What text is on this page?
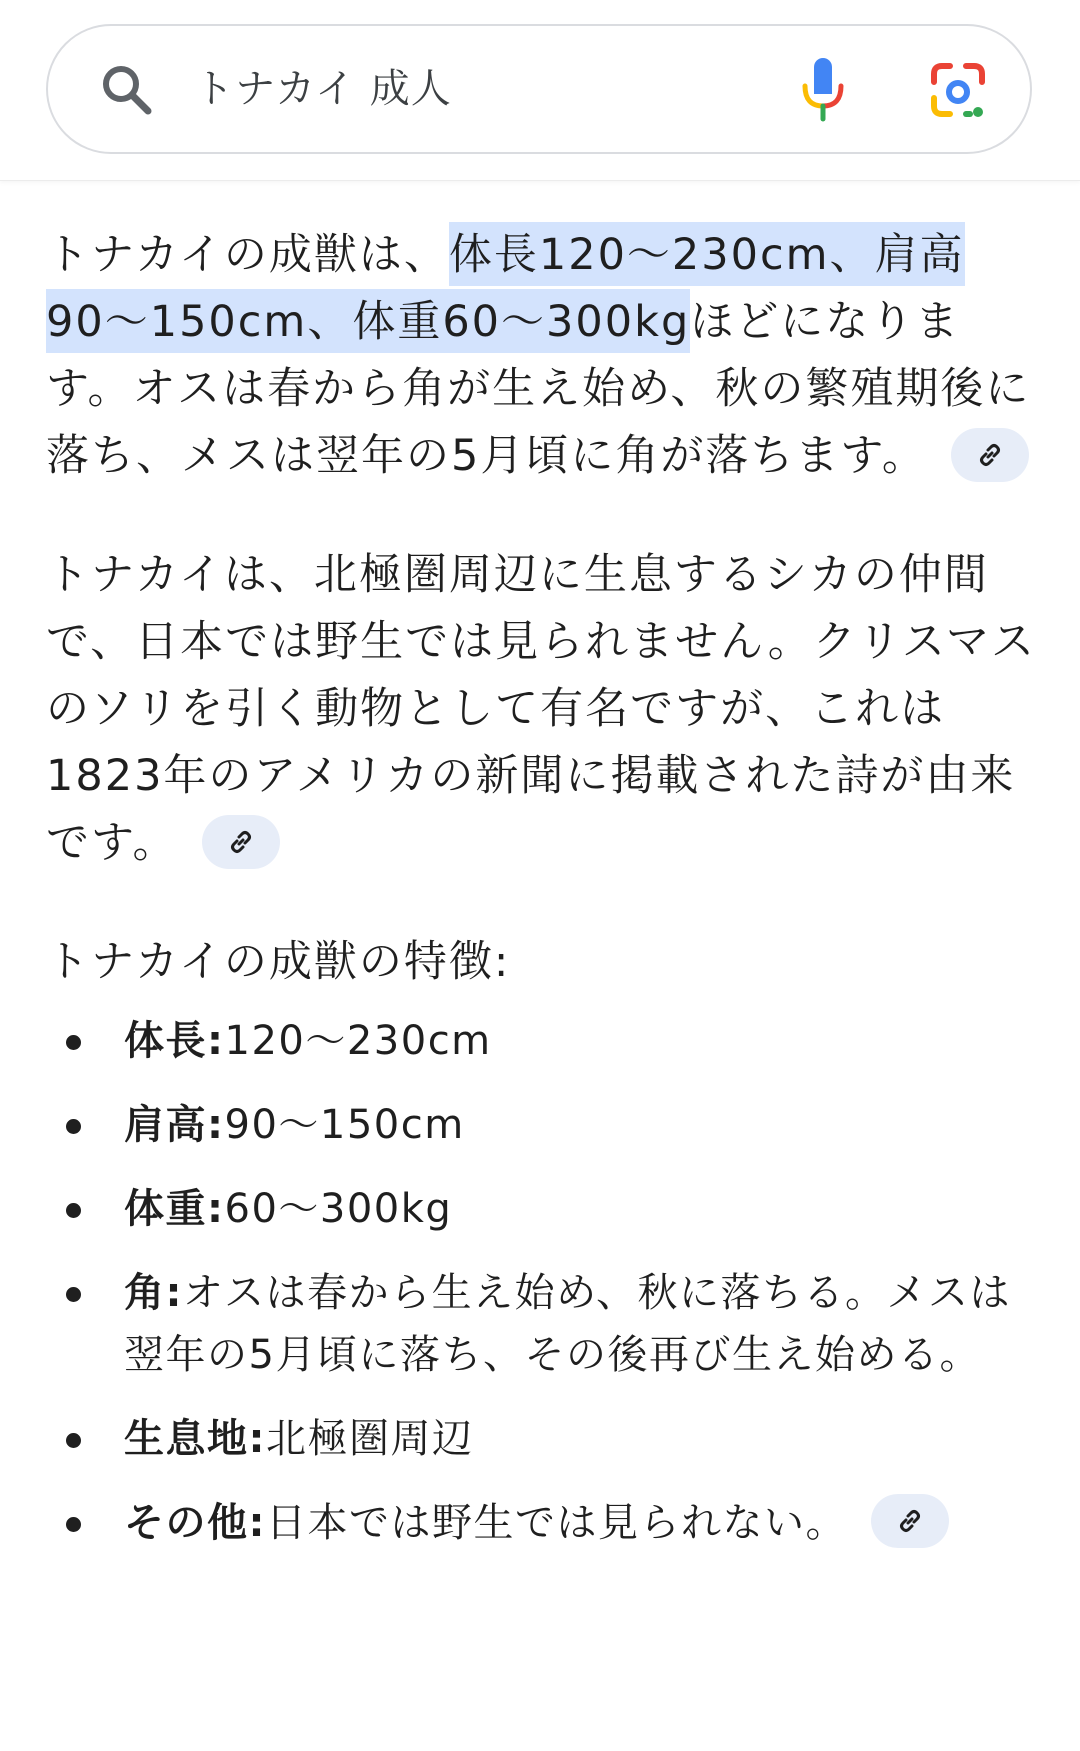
トナカイ 成人

トナカイの成獣は、体長120〜230cm、肩高90〜150cm、体重60〜300kgほどになります。オスは春から角が生え始め、秋の繁殖期後に落ち、メスは翌年の5月頃に角が落ちます。

トナカイは、北極圏周辺に生息するシカの仲間で、日本では野生では見られません。クリスマスのソリを引く動物として有名ですが、これは1823年のアメリカの新聞に掲載された詩が由来です。

トナカイの成獣の特徴:
体長:120〜230cm
肩高:90〜150cm
体重:60〜300kg
角:オスは春から生え始め、秋に落ちる。メスは翌年の5月頃に落ち、その後再び生え始める。
生息地:北極圏周辺
その他:日本では野生では見られない。
